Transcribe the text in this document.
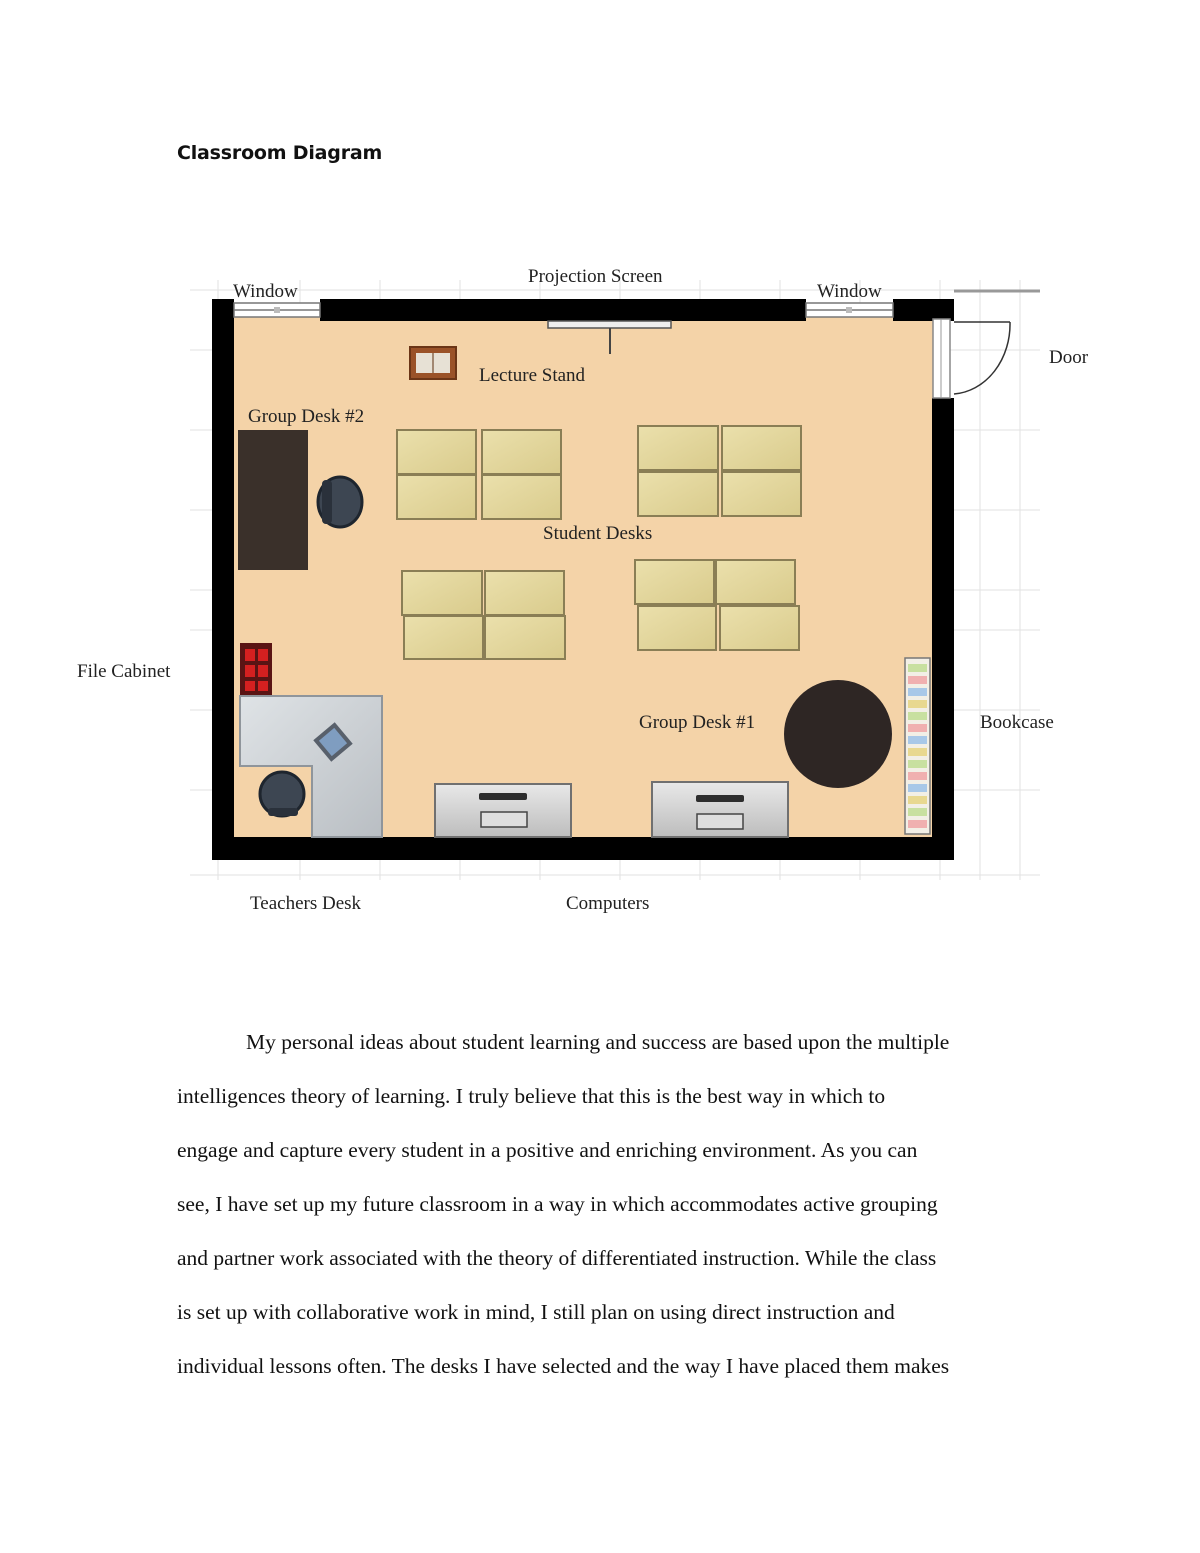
Classroom Diagram
Projection Screen
Window	Window
Door
Lecture Stand
Group Desk #2
Student Desks
File Cabinet
Group Desk #1	Bookcase
Teachers Desk	Computers

My personal ideas about student learning and success are based upon the multiple
intelligences theory of learning. I truly believe that this is the best way in which to
engage and capture every student in a positive and enriching environment. As you can
see, I have set up my future classroom in a way in which accommodates active grouping
and partner work associated with the theory of differentiated instruction. While the class
is set up with collaborative work in mind, I still plan on using direct instruction and
individual lessons often. The desks I have selected and the way I have placed them makes
